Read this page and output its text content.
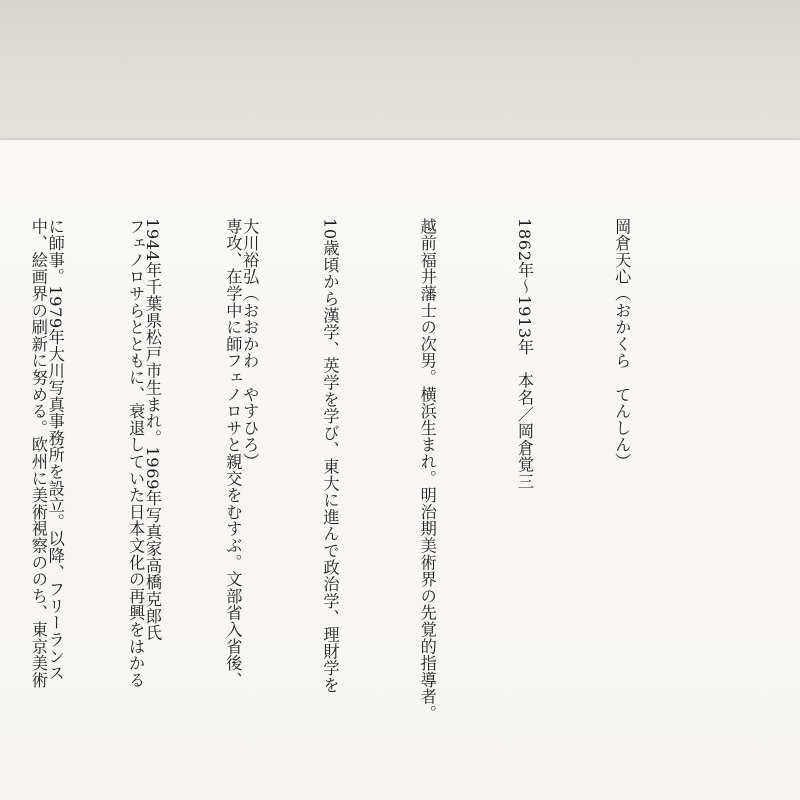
岡倉天心（おかくら　てんしん）

1862年〜1913年　本名／岡倉覚三

越前福井藩士の次男。横浜生まれ。明治期美術界の先覚的指導者。

10歳頃から漢学、英学を学び、東大に進んで政治学、理財学を

専攻、在学中に師フェノロサと親交をむすぶ。文部省入省後、

フェノロサらとともに、衰退していた日本文化の再興をはかる

中、絵画界の刷新に努める。欧州に美術視察ののち、東京美術

	大川裕弘（おおかわ　やすひろ）

1944年千葉県松戸市生まれ。1969年写真家高橋克郎氏

に師事。1979年大川写真事務所を設立。以降、フリーランス
